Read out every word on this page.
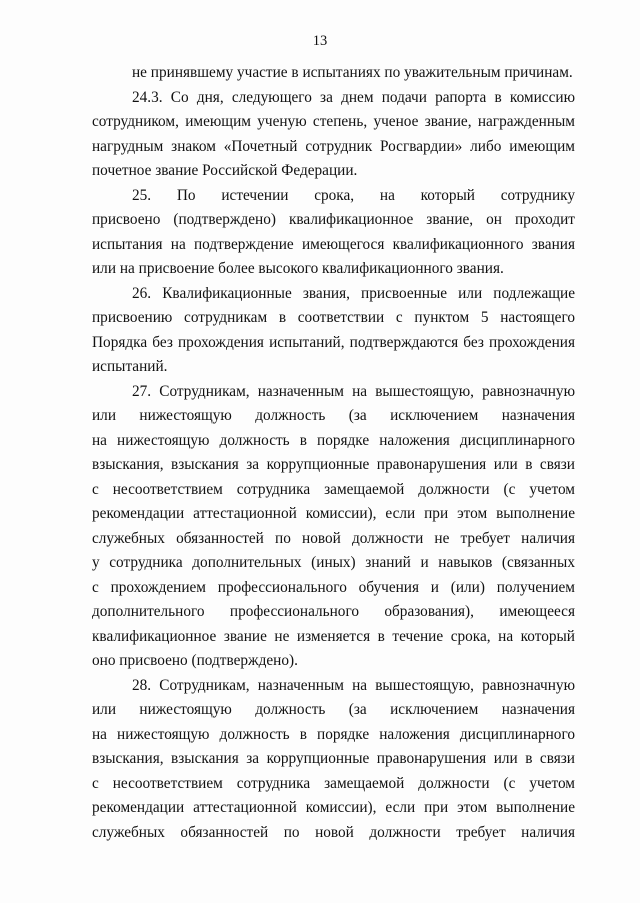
13
не принявшему участие в испытаниях по уважительным причинам.
24.3. Со дня, следующего за днем подачи рапорта в комиссию
сотрудником, имеющим ученую степень, ученое звание, награжденным
нагрудным знаком «Почетный сотрудник Росгвардии» либо имеющим
почетное звание Российской Федерации.
25. По истечении срока, на который сотруднику
присвоено (подтверждено) квалификационное звание, он проходит
испытания на подтверждение имеющегося квалификационного звания
или на присвоение более высокого квалификационного звания.
26. Квалификационные звания, присвоенные или подлежащие
присвоению сотрудникам в соответствии с пунктом 5 настоящего
Порядка без прохождения испытаний, подтверждаются без прохождения
испытаний.
27. Сотрудникам, назначенным на вышестоящую, равнозначную
или нижестоящую должность (за исключением назначения
на нижестоящую должность в порядке наложения дисциплинарного
взыскания, взыскания за коррупционные правонарушения или в связи
с несоответствием сотрудника замещаемой должности (с учетом
рекомендации аттестационной комиссии), если при этом выполнение
служебных обязанностей по новой должности не требует наличия
у сотрудника дополнительных (иных) знаний и навыков (связанных
с прохождением профессионального обучения и (или) получением
дополнительного профессионального образования), имеющееся
квалификационное звание не изменяется в течение срока, на который
оно присвоено (подтверждено).
28. Сотрудникам, назначенным на вышестоящую, равнозначную
или нижестоящую должность (за исключением назначения
на нижестоящую должность в порядке наложения дисциплинарного
взыскания, взыскания за коррупционные правонарушения или в связи
с несоответствием сотрудника замещаемой должности (с учетом
рекомендации аттестационной комиссии), если при этом выполнение
служебных обязанностей по новой должности требует наличия
